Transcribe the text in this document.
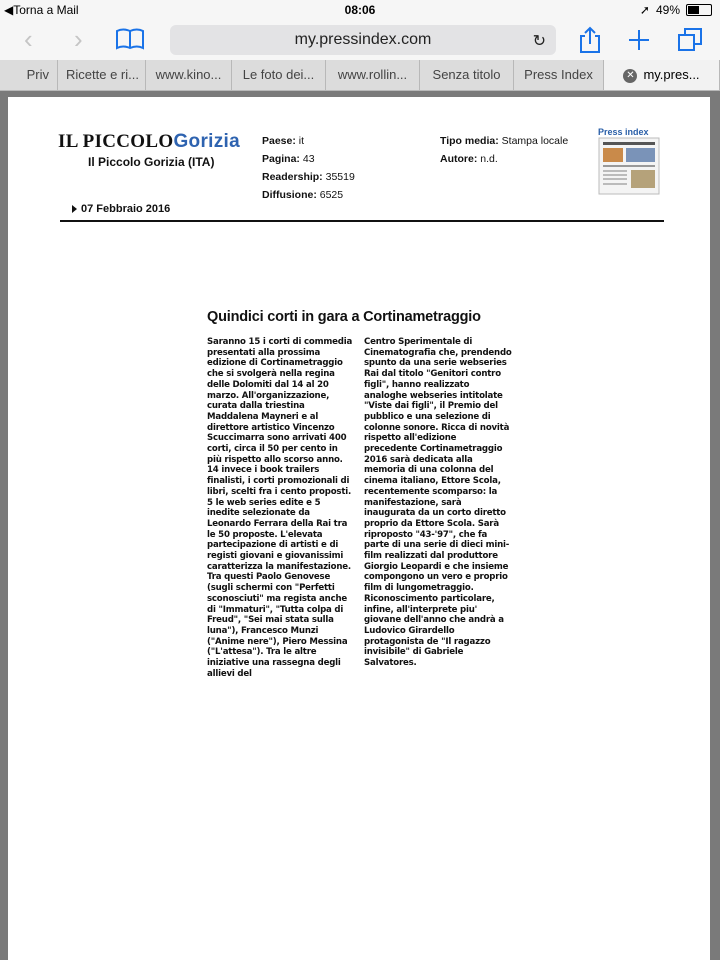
◀Torna a Mail	08:06	➚ 49%
‹ ›	my.pressindex.com	↻
Priv	Ricette e ri...	www.kino...	Le foto dei...	www.rollin...	Senza titolo	Press Index	✕ my.pres...
IL PICCOLOGorizia
Il Piccolo Gorizia (ITA)
Paese: it
Pagina: 43
Readership: 35519
Diffusione: 6525
Tipo media: Stampa locale
Autore: n.d.
Press index
07 Febbraio 2016
Quindici corti in gara a Cortinametraggio

Saranno 15 i corti di commedia presentati alla prossima edizione di Cortinametraggio che si svolgerà nella regina delle Dolomiti dal 14 al 20 marzo. All'organizzazione, curata dalla triestina Maddalena Mayneri e al direttore artistico Vincenzo Scuccimarra sono arrivati 400 corti, circa il 50 per cento in più rispetto allo scorso anno. 14 invece i book trailers finalisti, i corti promozionali di libri, scelti fra i cento proposti. 5 le web series edite e 5 inedite selezionate da Leonardo Ferrara della Rai tra le 50 proposte. L'elevata partecipazione di artisti e di registi giovani e giovanissimi caratterizza la manifestazione. Tra questi Paolo Genovese (sugli schermi con "Perfetti sconosciuti" ma regista anche di "Immaturi", "Tutta colpa di Freud", "Sei mai stata sulla luna"), Francesco Munzi ("Anime nere"), Piero Messina ("L'attesa"). Tra le altre iniziative una rassegna degli allievi del

Centro Sperimentale di Cinematografia che, prendendo spunto da una serie webseries Rai dal titolo "Genitori contro figli", hanno realizzato analoghe webseries intitolate "Viste dai figli", il Premio del pubblico e una selezione di colonne sonore. Ricca di novità rispetto all'edizione precedente Cortinametraggio 2016 sarà dedicata alla memoria di una colonna del cinema italiano, Ettore Scola, recentemente scomparso: la manifestazione, sarà inaugurata da un corto diretto proprio da Ettore Scola. Sarà riproposto "43-'97", che fa parte di una serie di dieci mini-film realizzati dal produttore Giorgio Leopardi e che insieme compongono un vero e proprio film di lungometraggio. Riconoscimento particolare, infine, all'interprete piu' giovane dell'anno che andrà a Ludovico Girardello protagonista de "Il ragazzo invisibile" di Gabriele Salvatores.
